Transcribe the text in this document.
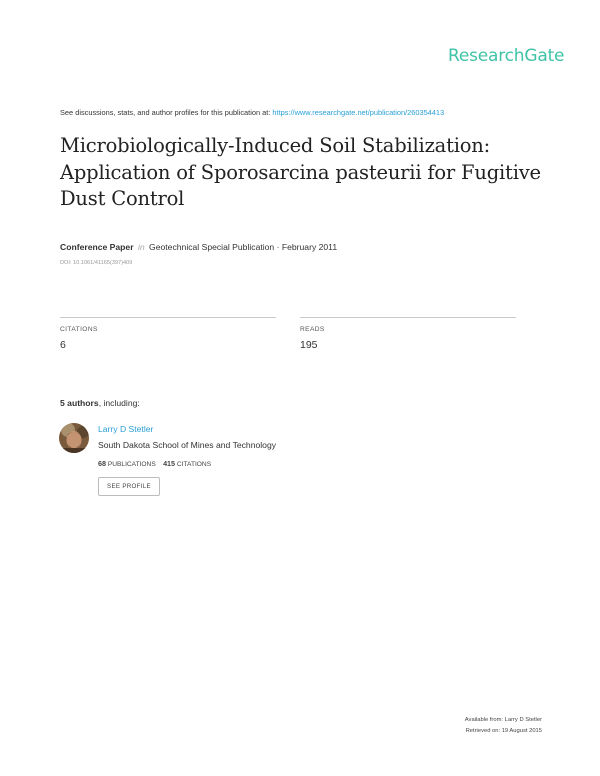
ResearchGate
See discussions, stats, and author profiles for this publication at: https://www.researchgate.net/publication/260354413
Microbiologically-Induced Soil Stabilization:
Application of Sporosarcina pasteurii for Fugitive
Dust Control
Conference Paper in Geotechnical Special Publication · February 2011
DOI: 10.1061/41165(397)409
CITATIONS
6
READS
195
5 authors, including:
Larry D Stetler
South Dakota School of Mines and Technology
68 PUBLICATIONS 415 CITATIONS
SEE PROFILE
Available from: Larry D Stetler
Retrieved on: 19 August 2015
